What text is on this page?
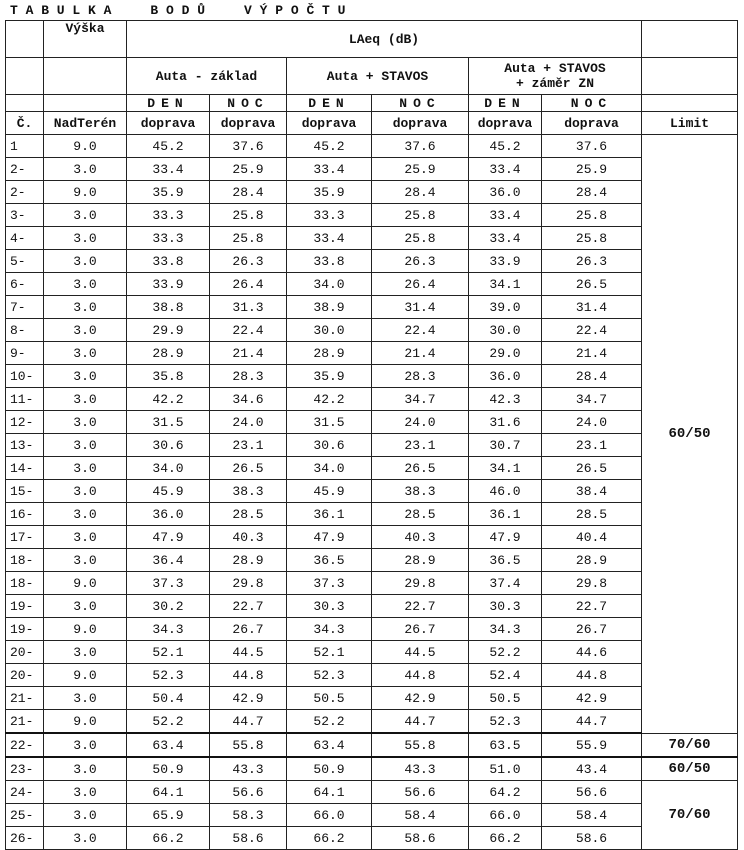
T A B U L K A     B O D Ů     V Ý P O Č T U
	Výška	LAeq (dB)						
		Auta - základ		Auta + STAVOS		Auta + STAVOS
+ záměr ZN		
		DEN	NOC	DEN	NOC	DEN	NOC	
Č.	NadTerén	doprava	doprava	doprava	doprava	doprava	doprava	Limit
1	9.0	45.2	37.6	45.2	37.6	45.2	37.6	60/50
2-	3.0	33.4	25.9	33.4	25.9	33.4	25.9	
2-	9.0	35.9	28.4	35.9	28.4	36.0	28.4	
3-	3.0	33.3	25.8	33.3	25.8	33.4	25.8	
4-	3.0	33.3	25.8	33.4	25.8	33.4	25.8	
5-	3.0	33.8	26.3	33.8	26.3	33.9	26.3	
6-	3.0	33.9	26.4	34.0	26.4	34.1	26.5	
7-	3.0	38.8	31.3	38.9	31.4	39.0	31.4	
8-	3.0	29.9	22.4	30.0	22.4	30.0	22.4	
9-	3.0	28.9	21.4	28.9	21.4	29.0	21.4	
10-	3.0	35.8	28.3	35.9	28.3	36.0	28.4	
11-	3.0	42.2	34.6	42.2	34.7	42.3	34.7	
12-	3.0	31.5	24.0	31.5	24.0	31.6	24.0	
13-	3.0	30.6	23.1	30.6	23.1	30.7	23.1	
14-	3.0	34.0	26.5	34.0	26.5	34.1	26.5	
15-	3.0	45.9	38.3	45.9	38.3	46.0	38.4	
16-	3.0	36.0	28.5	36.1	28.5	36.1	28.5	
17-	3.0	47.9	40.3	47.9	40.3	47.9	40.4	
18-	3.0	36.4	28.9	36.5	28.9	36.5	28.9	
18-	9.0	37.3	29.8	37.3	29.8	37.4	29.8	
19-	3.0	30.2	22.7	30.3	22.7	30.3	22.7	
19-	9.0	34.3	26.7	34.3	26.7	34.3	26.7	
20-	3.0	52.1	44.5	52.1	44.5	52.2	44.6	
20-	9.0	52.3	44.8	52.3	44.8	52.4	44.8	
21-	3.0	50.4	42.9	50.5	42.9	50.5	42.9	
21-	9.0	52.2	44.7	52.2	44.7	52.3	44.7	
22-	3.0	63.4	55.8	63.4	55.8	63.5	55.9	70/60
23-	3.0	50.9	43.3	50.9	43.3	51.0	43.4	60/50
24-	3.0	64.1	56.6	64.1	56.6	64.2	56.6	70/60
25-	3.0	65.9	58.3	66.0	58.4	66.0	58.4	
26-	3.0	66.2	58.6	66.2	58.6	66.2	58.6	
